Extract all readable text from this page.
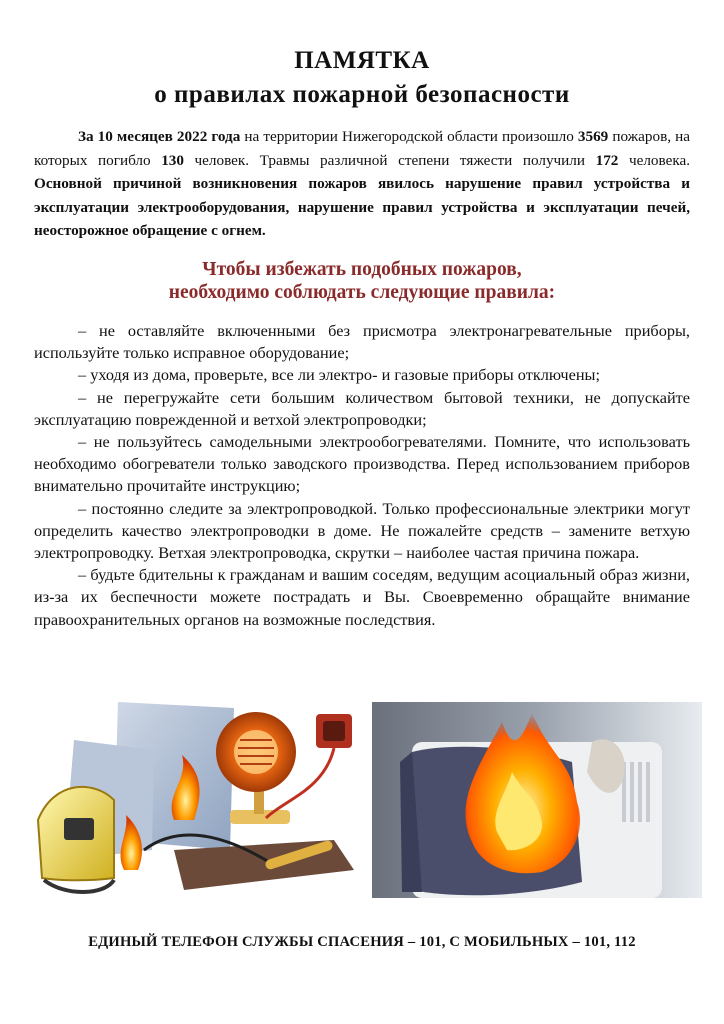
ПАМЯТКА
о правилах пожарной безопасности
За 10 месяцев 2022 года на территории Нижегородской области произошло 3569 пожаров, на которых погибло 130 человек. Травмы различной степени тяжести получили 172 человека. Основной причиной возникновения пожаров явилось нарушение правил устройства и эксплуатации электрооборудования, нарушение правил устройства и эксплуатации печей, неосторожное обращение с огнем.
Чтобы избежать подобных пожаров,
необходимо соблюдать следующие правила:
– не оставляйте включенными без присмотра электронагревательные приборы, используйте только исправное оборудование;
– уходя из дома, проверьте, все ли электро- и газовые приборы отключены;
– не перегружайте сети большим количеством бытовой техники, не допускайте эксплуатацию поврежденной и ветхой электропроводки;
– не пользуйтесь самодельными электрообогревателями. Помните, что использовать необходимо обогреватели только заводского производства. Перед использованием приборов внимательно прочитайте инструкцию;
– постоянно следите за электропроводкой. Только профессиональные электрики могут определить качество электропроводки в доме. Не пожалейте средств – замените ветхую электропроводку. Ветхая электропроводка, скрутки – наиболее частая причина пожара.
– будьте бдительны к гражданам и вашим соседям, ведущим асоциальный образ жизни, из-за их беспечности можете пострадать и Вы. Своевременно обращайте внимание правоохранительных органов на возможные последствия.
ЕДИНЫЙ ТЕЛЕФОН СЛУЖБЫ СПАСЕНИЯ – 101, С МОБИЛЬНЫХ – 101, 112
